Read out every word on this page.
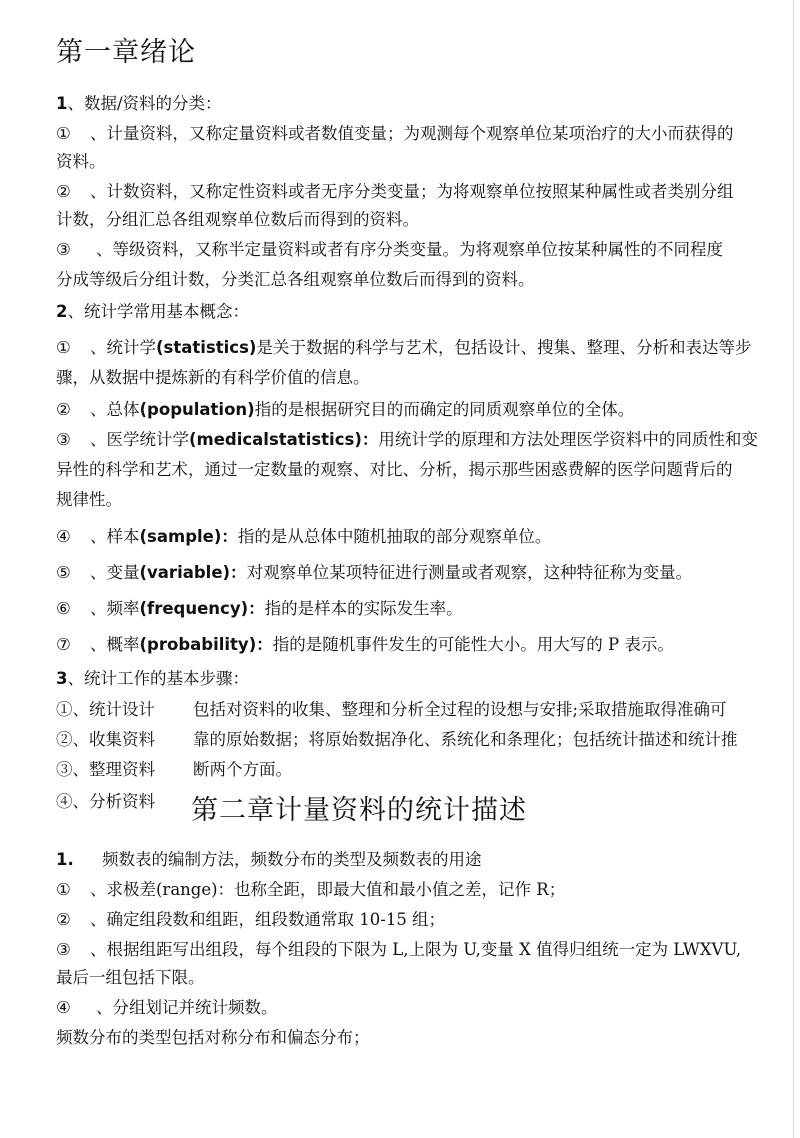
第一章绪论
1、数据/资料的分类：
① 、计量资料，又称定量资料或者数值变量；为观测每个观察单位某项治疗的大小而获得的
资料。
② 、计数资料，又称定性资料或者无序分类变量；为将观察单位按照某种属性或者类别分组
计数，分组汇总各组观察单位数后而得到的资料。
③ 、等级资料，又称半定量资料或者有序分类变量。为将观察单位按某种属性的不同程度
分成等级后分组计数，分类汇总各组观察单位数后而得到的资料。
2、统计学常用基本概念：
① 、统计学(statistics)是关于数据的科学与艺术，包括设计、搜集、整理、分析和表达等步
骤，从数据中提炼新的有科学价值的信息。
② 、总体(population)指的是根据研究目的而确定的同质观察单位的全体。
③ 、医学统计学(medicalstatistics)：用统计学的原理和方法处理医学资料中的同质性和变
异性的科学和艺术，通过一定数量的观察、对比、分析，揭示那些困惑费解的医学问题背后的
规律性。
④ 、样本(sample)：指的是从总体中随机抽取的部分观察单位。
⑤ 、变量(variable)：对观察单位某项特征进行测量或者观察，这种特征称为变量。
⑥ 、频率(frequency)：指的是样本的实际发生率。
⑦ 、概率(probability)：指的是随机事件发生的可能性大小。用大写的 P 表示。
3、统计工作的基本步骤：
①、统计设计
②、收集资料
③、整理资料
④、分析资料
包括对资料的收集、整理和分析全过程的设想与安排;采取措施取得准确可
靠的原始数据；将原始数据净化、系统化和条理化；包括统计描述和统计推
断两个方面。
第二章计量资料的统计描述
1. 频数表的编制方法，频数分布的类型及频数表的用途
① 、求极差(range)：也称全距，即最大值和最小值之差，记作 R；
② 、确定组段数和组距，组段数通常取 10-15 组；
③ 、根据组距写出组段，每个组段的下限为 L,上限为 U,变量 X 值得归组统一定为 LWXVU,
最后一组包括下限。
④ 、分组划记并统计频数。
频数分布的类型包括对称分布和偏态分布；
